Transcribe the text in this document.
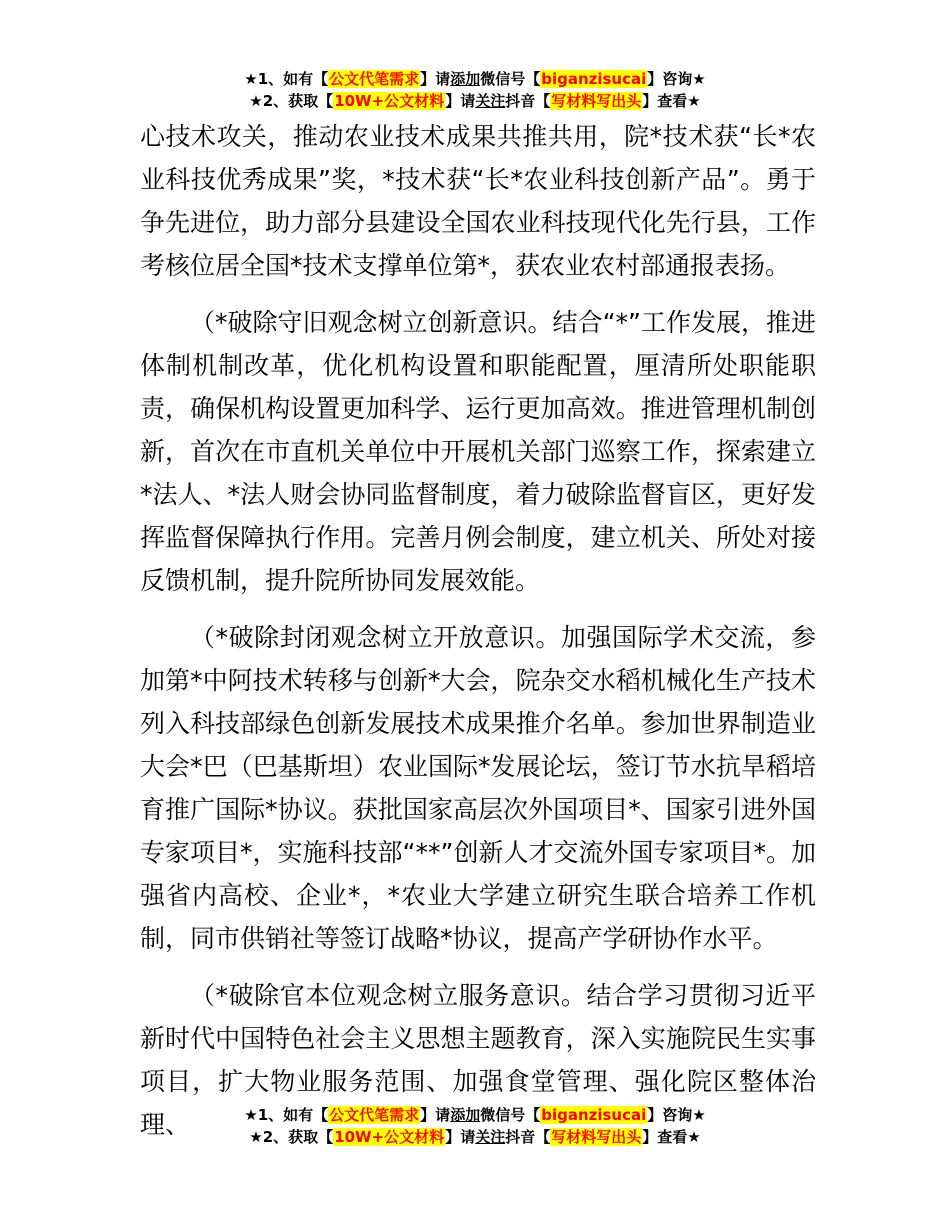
★1、如有【公文代笔需求】请添加微信号【biganzisucai】咨询★
★2、获取【10W+公文材料】请关注抖音【写材料写出头】查看★

心技术攻关，推动农业技术成果共推共用，院*技术获“长*农业科技优秀成果”奖，*技术获“长*农业科技创新产品”。勇于争先进位，助力部分县建设全国农业科技现代化先行县，工作考核位居全国*技术支撑单位第*，获农业农村部通报表扬。

（*破除守旧观念树立创新意识。结合“*”工作发展，推进体制机制改革，优化机构设置和职能配置，厘清所处职能职责，确保机构设置更加科学、运行更加高效。推进管理机制创新，首次在市直机关单位中开展机关部门巡察工作，探索建立*法人、*法人财会协同监督制度，着力破除监督盲区，更好发挥监督保障执行作用。完善月例会制度，建立机关、所处对接反馈机制，提升院所协同发展效能。

（*破除封闭观念树立开放意识。加强国际学术交流，参加第*中阿技术转移与创新*大会，院杂交水稻机械化生产技术列入科技部绿色创新发展技术成果推介名单。参加世界制造业大会*巴（巴基斯坦）农业国际*发展论坛，签订节水抗旱稻培育推广国际*协议。获批国家高层次外国项目*、国家引进外国专家项目*，实施科技部“**”创新人才交流外国专家项目*。加强省内高校、企业*，*农业大学建立研究生联合培养工作机制，同市供销社等签订战略*协议，提高产学研协作水平。

（*破除官本位观念树立服务意识。结合学习贯彻习近平新时代中国特色社会主义思想主题教育，深入实施院民生实事项目，扩大物业服务范围、加强食堂管理、强化院区整体治理、	★1、如有【公文代笔需求】请添加微信号【biganzisucai】咨询★
★2、获取【10W+公文材料】请关注抖音【写材料写出头】查看★
